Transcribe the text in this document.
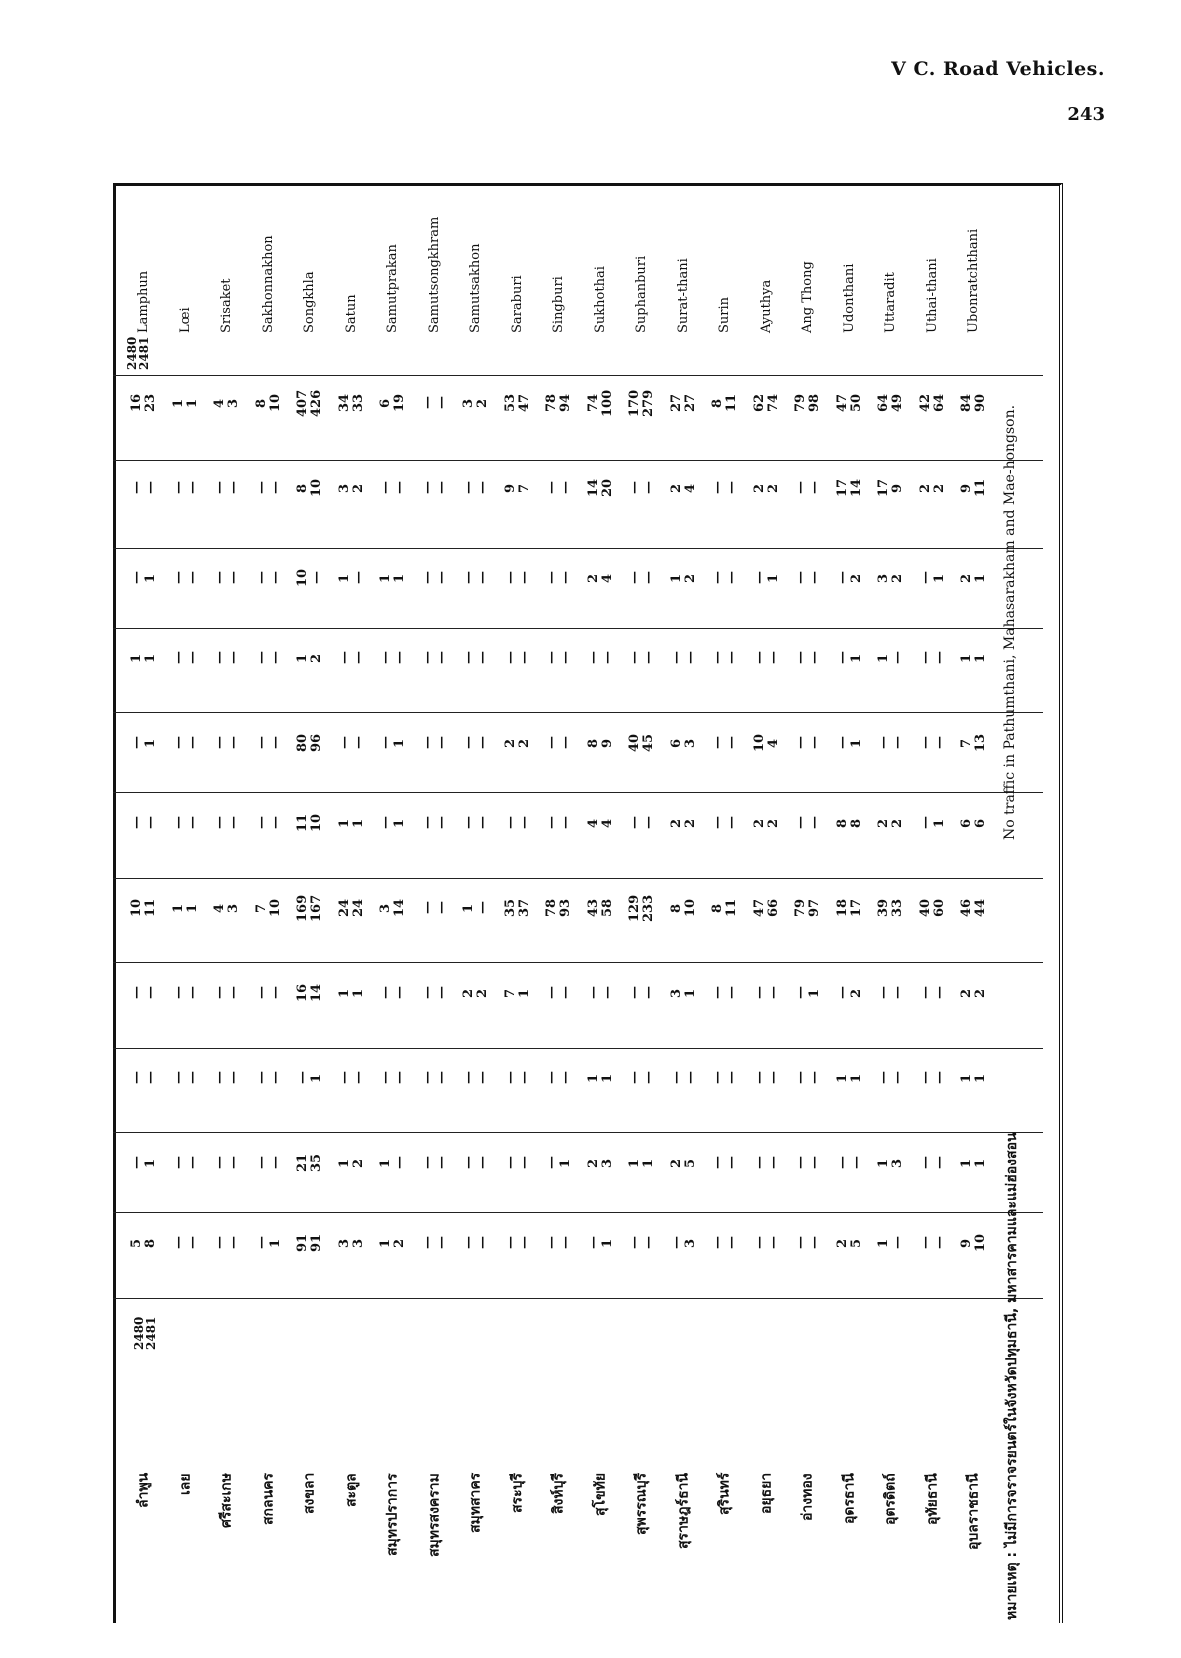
V C. Road Vehicles.
243
2480 2481
2480 2481
Lamphun
5
8
—
1
—
—
—
—
10
11
—
—
—
1
1
1
—
1
—
—
16
23
ลำพูน
Lœi
—
—
—
—
—
—
—
—
1
1
—
—
—
—
—
—
—
—
—
—
1
1
เลย
Srisaket
—
—
—
—
—
—
—
—
4
3
—
—
—
—
—
—
—
—
—
—
4
3
ศรีสะเกษ
Sakhonnakhon
—
1
—
—
—
—
—
—
7
10
—
—
—
—
—
—
—
—
—
—
8
10
สกลนคร
Songkhla
91
91
21
35
—
1
16
14
169
167
11
10
80
96
1
2
10
—
8
10
407
426
สงขลา
Satun
3
3
1
2
—
—
1
1
24
24
1
1
—
—
—
—
1
—
3
2
34
33
สะตูล
Samutprakan
1
2
1
—
—
—
—
—
3
14
—
1
—
1
—
—
1
1
—
—
6
19
สมุทรปราการ
Samutsongkhram
—
—
—
—
—
—
—
—
—
—
—
—
—
—
—
—
—
—
—
—
—
—
สมุทรสงคราม
Samutsakhon
—
—
—
—
—
—
2
2
1
—
—
—
—
—
—
—
—
—
—
—
3
2
สมุทสาคร
Saraburi
—
—
—
—
—
—
7
1
35
37
—
—
2
2
—
—
—
—
9
7
53
47
สระบุรี
Singburi
—
—
—
1
—
—
—
—
78
93
—
—
—
—
—
—
—
—
—
—
78
94
สิงห์บุรี
Sukhothai
—
1
2
3
1
1
—
—
43
58
4
4
8
9
—
—
2
4
14
20
74
100
สุโขทัย
Suphanburi
—
—
1
1
—
—
—
—
129
233
—
—
40
45
—
—
—
—
—
—
170
279
สุพรรณบุรี
Surat-thani
—
3
2
5
—
—
3
1
8
10
2
2
6
3
—
—
1
2
2
4
27
27
สุราษฎร์ธานี
Surin
—
—
—
—
—
—
—
—
8
11
—
—
—
—
—
—
—
—
—
—
8
11
สุรินทร์
Ayuthya
—
—
—
—
—
—
—
—
47
66
2
2
10
4
—
—
—
1
2
2
62
74
อยุธยา
Ang Thong
—
—
—
—
—
—
—
1
79
97
—
—
—
—
—
—
—
—
—
—
79
98
อ่างทอง
Udonthani
2
5
—
—
1
1
—
2
18
17
8
8
—
1
—
1
—
2
17
14
47
50
อุดรธานี
Uttaradit
1
—
1
3
—
—
—
—
39
33
2
2
—
—
1
—
3
2
17
9
64
49
อุตรดิตถ์
Uthai-thani
—
—
—
—
—
—
—
—
40
60
—
1
—
—
—
—
—
1
2
2
42
64
อุทัยธานี
Ubonratchthani
9
10
1
1
1
1
2
2
46
44
6
6
7
13
1
1
2
1
9
11
84
90
อุบลราชธานี
No traffic in Pathumthani, Mahasarakham and Mae-hongson.
หมายเหตุ : ไม่มีการจราจรยนตร์ในจังหวัดปทุมธานี, มหาสารคามและแม่ฮ่องสอน
